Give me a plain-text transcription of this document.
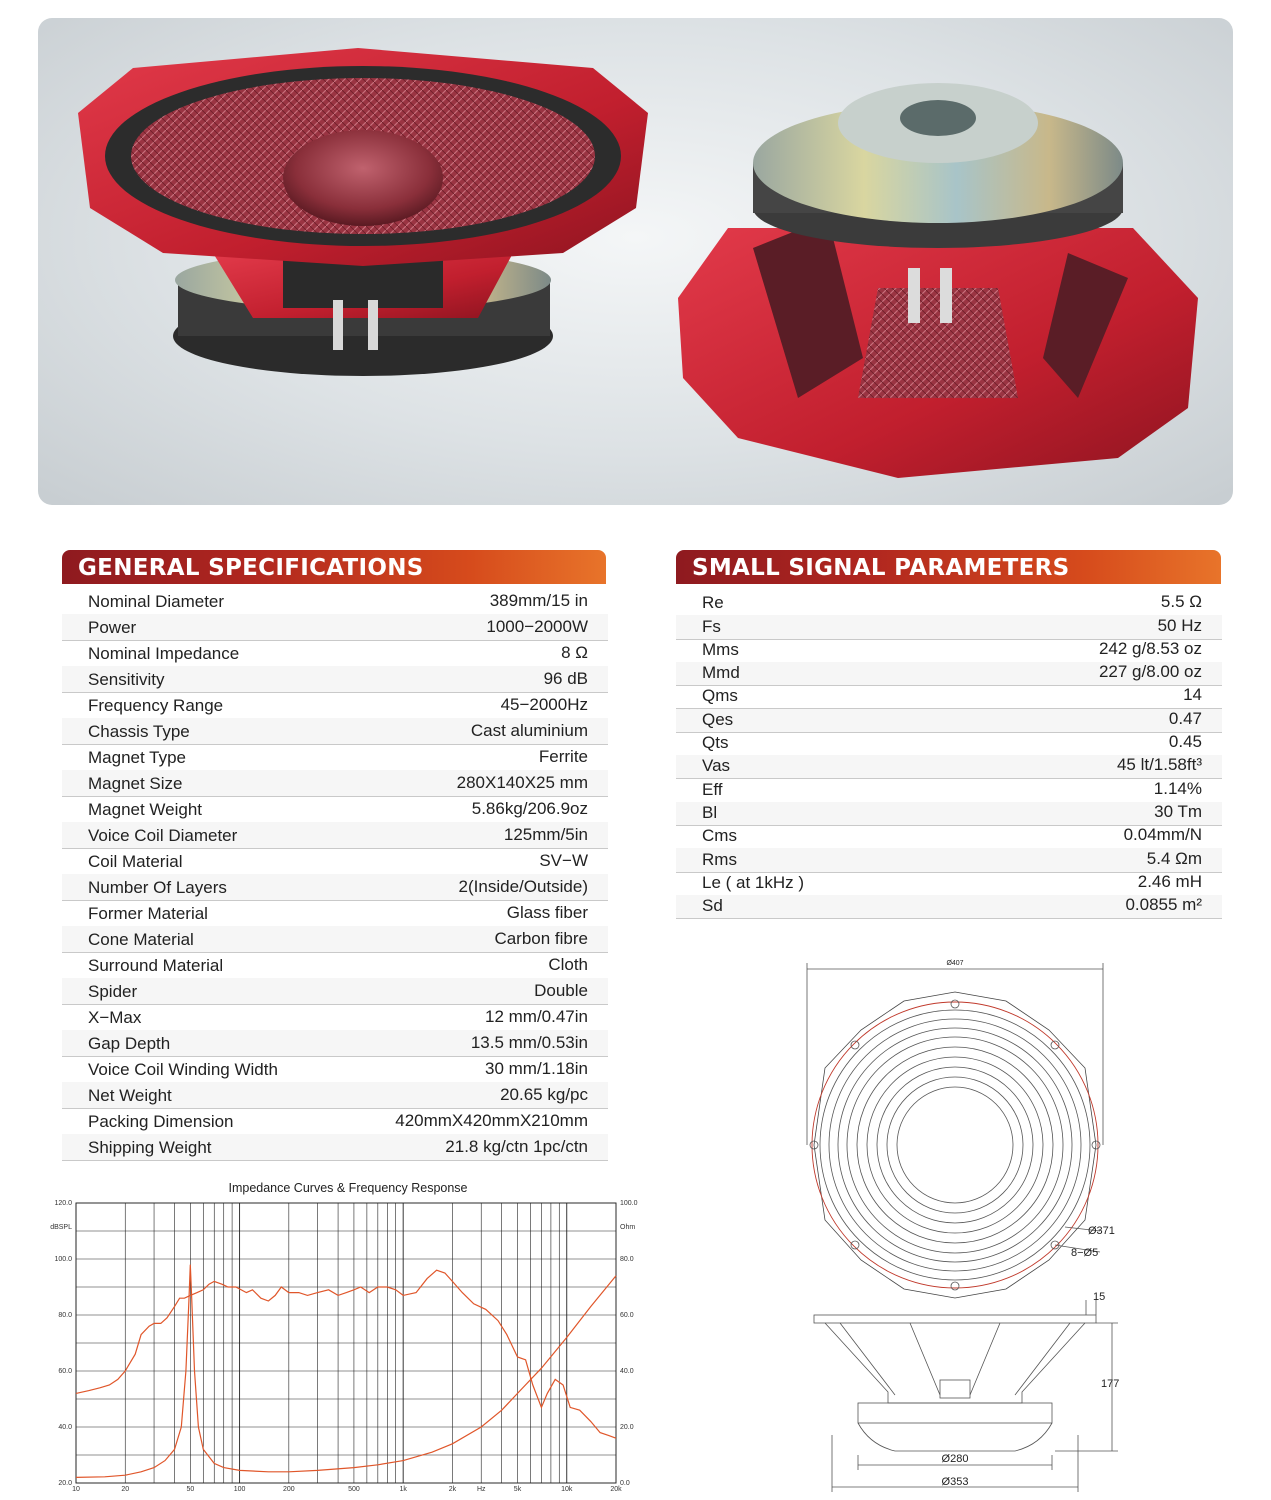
GENERAL SPECIFICATIONS
Nominal Diameter	389mm/15 in
Power	1000−2000W
Nominal Impedance	8 Ω
Sensitivity	96 dB
Frequency Range	45−2000Hz
Chassis Type	Cast aluminium
Magnet Type	Ferrite
Magnet Size	280X140X25 mm
Magnet Weight	5.86kg/206.9oz
Voice Coil Diameter	125mm/5in
Coil Material	SV−W
Number Of Layers	2(Inside/Outside)
Former Material	Glass fiber
Cone Material	Carbon fibre
Surround Material	Cloth
Spider	Double
X−Max	12 mm/0.47in
Gap Depth	13.5 mm/0.53in
Voice Coil Winding Width	30 mm/1.18in
Net Weight	20.65 kg/pc
Packing Dimension	420mmX420mmX210mm
Shipping Weight	21.8 kg/ctn 1pc/ctn
SMALL SIGNAL PARAMETERS
Re	5.5 Ω
Fs	50 Hz
Mms	242 g/8.53 oz
Mmd	227 g/8.00 oz
Qms	14
Qes	0.47
Qts	0.45
Vas	45 lt/1.58ft³
Eff	1.14%
Bl	30 Tm
Cms	0.04mm/N
Rms	5.4 Ωm
Le ( at 1kHz )	2.46 mH
Sd	0.0855 m²
Impedance Curves & Frequency Response
20.0
40.0
60.0
80.0
100.0
120.0
0.0
20.0
40.0
60.0
80.0
100.0
10	20	50	100	200	500	1k	2k	5k	10k	20k
dBSPL	Ohm
Hz
Ø407
Ø371
8−Ø5
15
177
Ø280
Ø353
